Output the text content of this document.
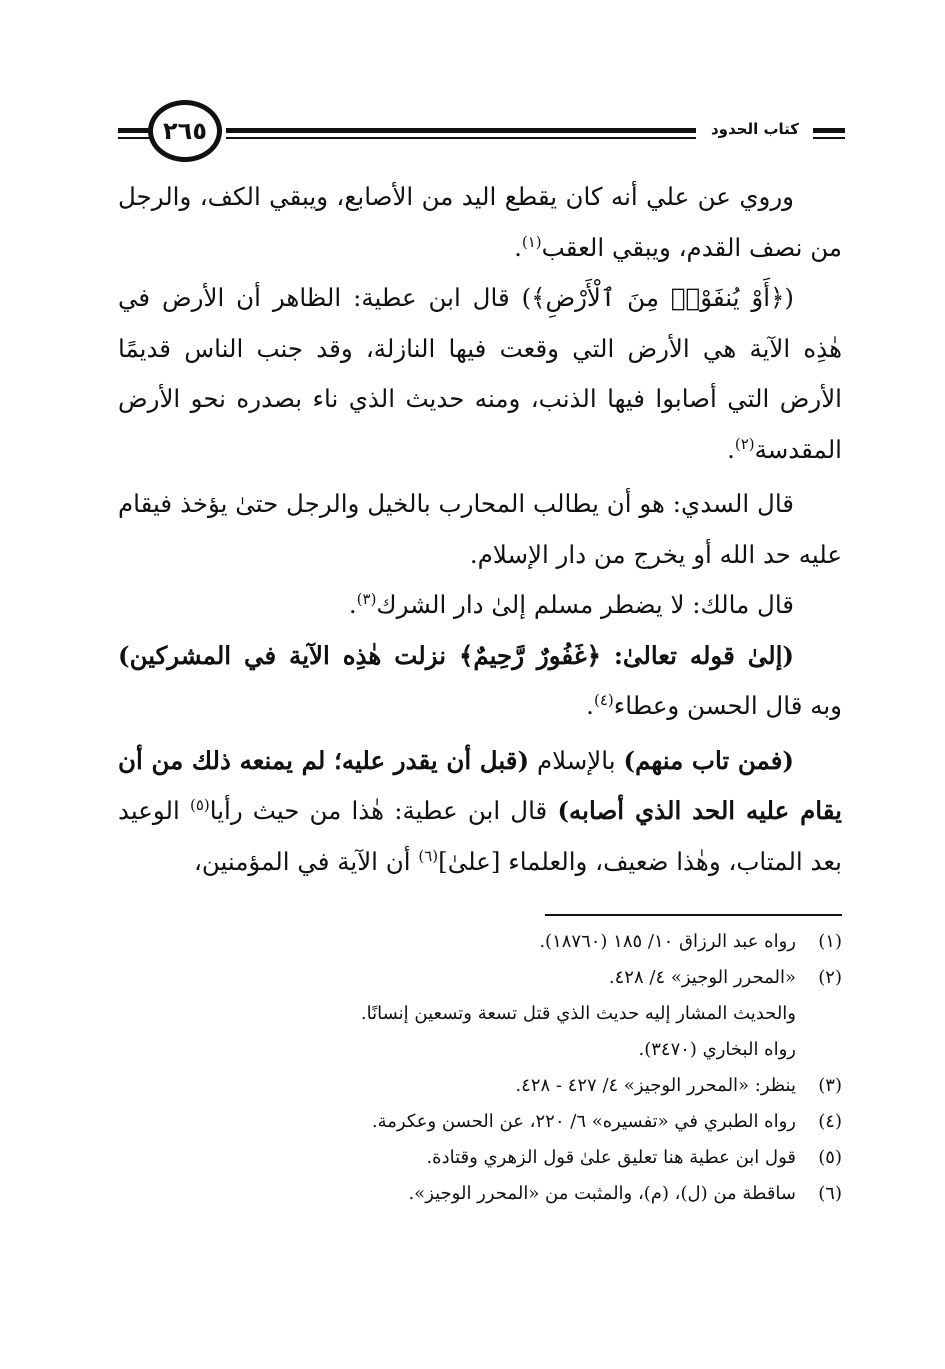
٢٦٥	كتاب الحدود

وروي عن علي أنه كان يقطع اليد من الأصابع، ويبقي الكف، والرجل من نصف القدم، ويبقي العقب$^{(١)}$.

(﴿أَوْ يُنفَوْا۟ مِنَ ٱلْأَرْضِ﴾) قال ابن عطية: الظاهر أن الأرض في هٰذِه الآية هي الأرض التي وقعت فيها النازلة، وقد جنب الناس قديمًا الأرض التي أصابوا فيها الذنب، ومنه حديث الذي ناء بصدره نحو الأرض المقدسة$^{(٢)}$.

قال السدي: هو أن يطالب المحارب بالخيل والرجل حتىٰ يؤخذ فيقام عليه حد الله أو يخرج من دار الإسلام.

قال مالك: لا يضطر مسلم إلىٰ دار الشرك$^{(٣)}$.

(إلىٰ قوله تعالىٰ: ﴿غَفُورٌ رَّحِيمٌ﴾ نزلت هٰذِه الآية في المشركين) وبه قال الحسن وعطاء$^{(٤)}$.

(فمن تاب منهم) بالإسلام (قبل أن يقدر عليه؛ لم يمنعه ذلك من أن يقام عليه الحد الذي أصابه) قال ابن عطية: هٰذا من حيث رأيا$^{(٥)}$ الوعيد بعد المتاب، وهٰذا ضعيف، والعلماء [علىٰ]$^{(٦)}$ أن الآية في المؤمنين،

(١)
رواه عبد الرزاق ١٠/ ١٨٥ (١٨٧٦٠).

(٢)
«المحرر الوجيز» ٤/ ٤٢٨.

والحديث المشار إليه حديث الذي قتل تسعة وتسعين إنسانًا.

رواه البخاري (٣٤٧٠).

(٣)
ينظر: «المحرر الوجيز» ٤/ ٤٢٧ - ٤٢٨.

(٤)
رواه الطبري في «تفسيره» ٦/ ٢٢٠، عن الحسن وعكرمة.

(٥)
قول ابن عطية هنا تعليق علىٰ قول الزهري وقتادة.

(٦)
ساقطة من (ل)، (م)، والمثبت من «المحرر الوجيز».
